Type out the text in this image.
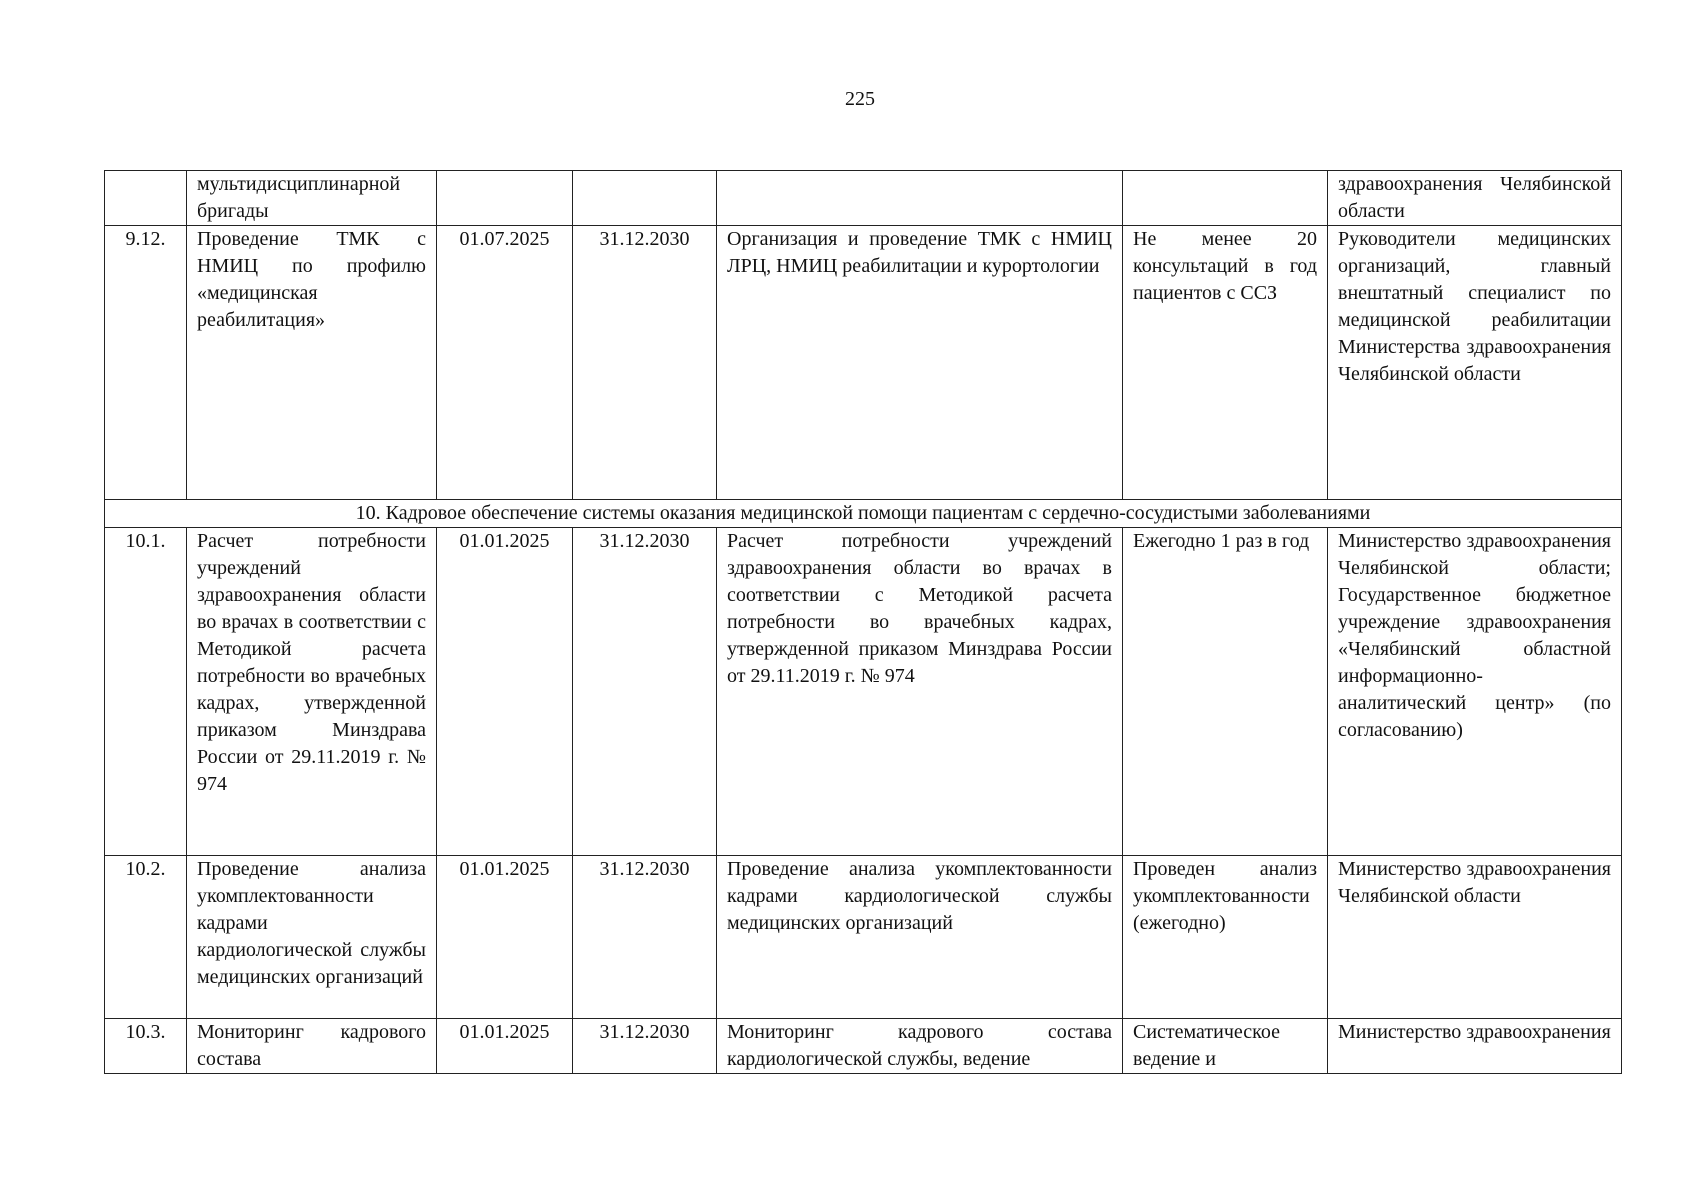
225

	мультидисциплинарной бригады					здравоохранения Челябинской области

9.12.	Проведение ТМК с НМИЦ по профилю «медицинская реабилитация»	01.07.2025	31.12.2030	Организация и проведение ТМК с НМИЦ ЛРЦ, НМИЦ реабилитации и курортологии	Не менее 20 консультаций в год пациентов с ССЗ	Руководители медицинских организаций, главный внештатный специалист по медицинской реабилитации Министерства здравоохранения Челябинской области
10. Кадровое обеспечение системы оказания медицинской помощи пациентам с сердечно-сосудистыми заболеваниями						
10.1.	Расчет потребности учреждений здравоохранения области во врачах в соответствии с Методикой расчета потребности во врачебных кадрах, утвержденной приказом Минздрава России от 29.11.2019 г. № 974	01.01.2025	31.12.2030	Расчет потребности учреждений здравоохранения области во врачах в соответствии с Методикой расчета потребности во врачебных кадрах, утвержденной приказом Минздрава России от 29.11.2019 г. № 974	Ежегодно 1 раз в год	Министерство здравоохранения Челябинской области; Государственное бюджетное учреждение здравоохранения «Челябинский областной информационно-аналитический центр» (по согласованию)
10.2.	Проведение анализа укомплектованности кадрами кардиологической службы медицинских организаций	01.01.2025	31.12.2030	Проведение анализа укомплектованности кадрами кардиологической службы медицинских организаций	Проведен анализ укомплектованности (ежегодно)	Министерство здравоохранения Челябинской области
10.3.	Мониторинг кадрового состава	01.01.2025	31.12.2030	Мониторинг кадрового состава кардиологической службы, ведение	Систематическое ведение и	Министерство здравоохранения
